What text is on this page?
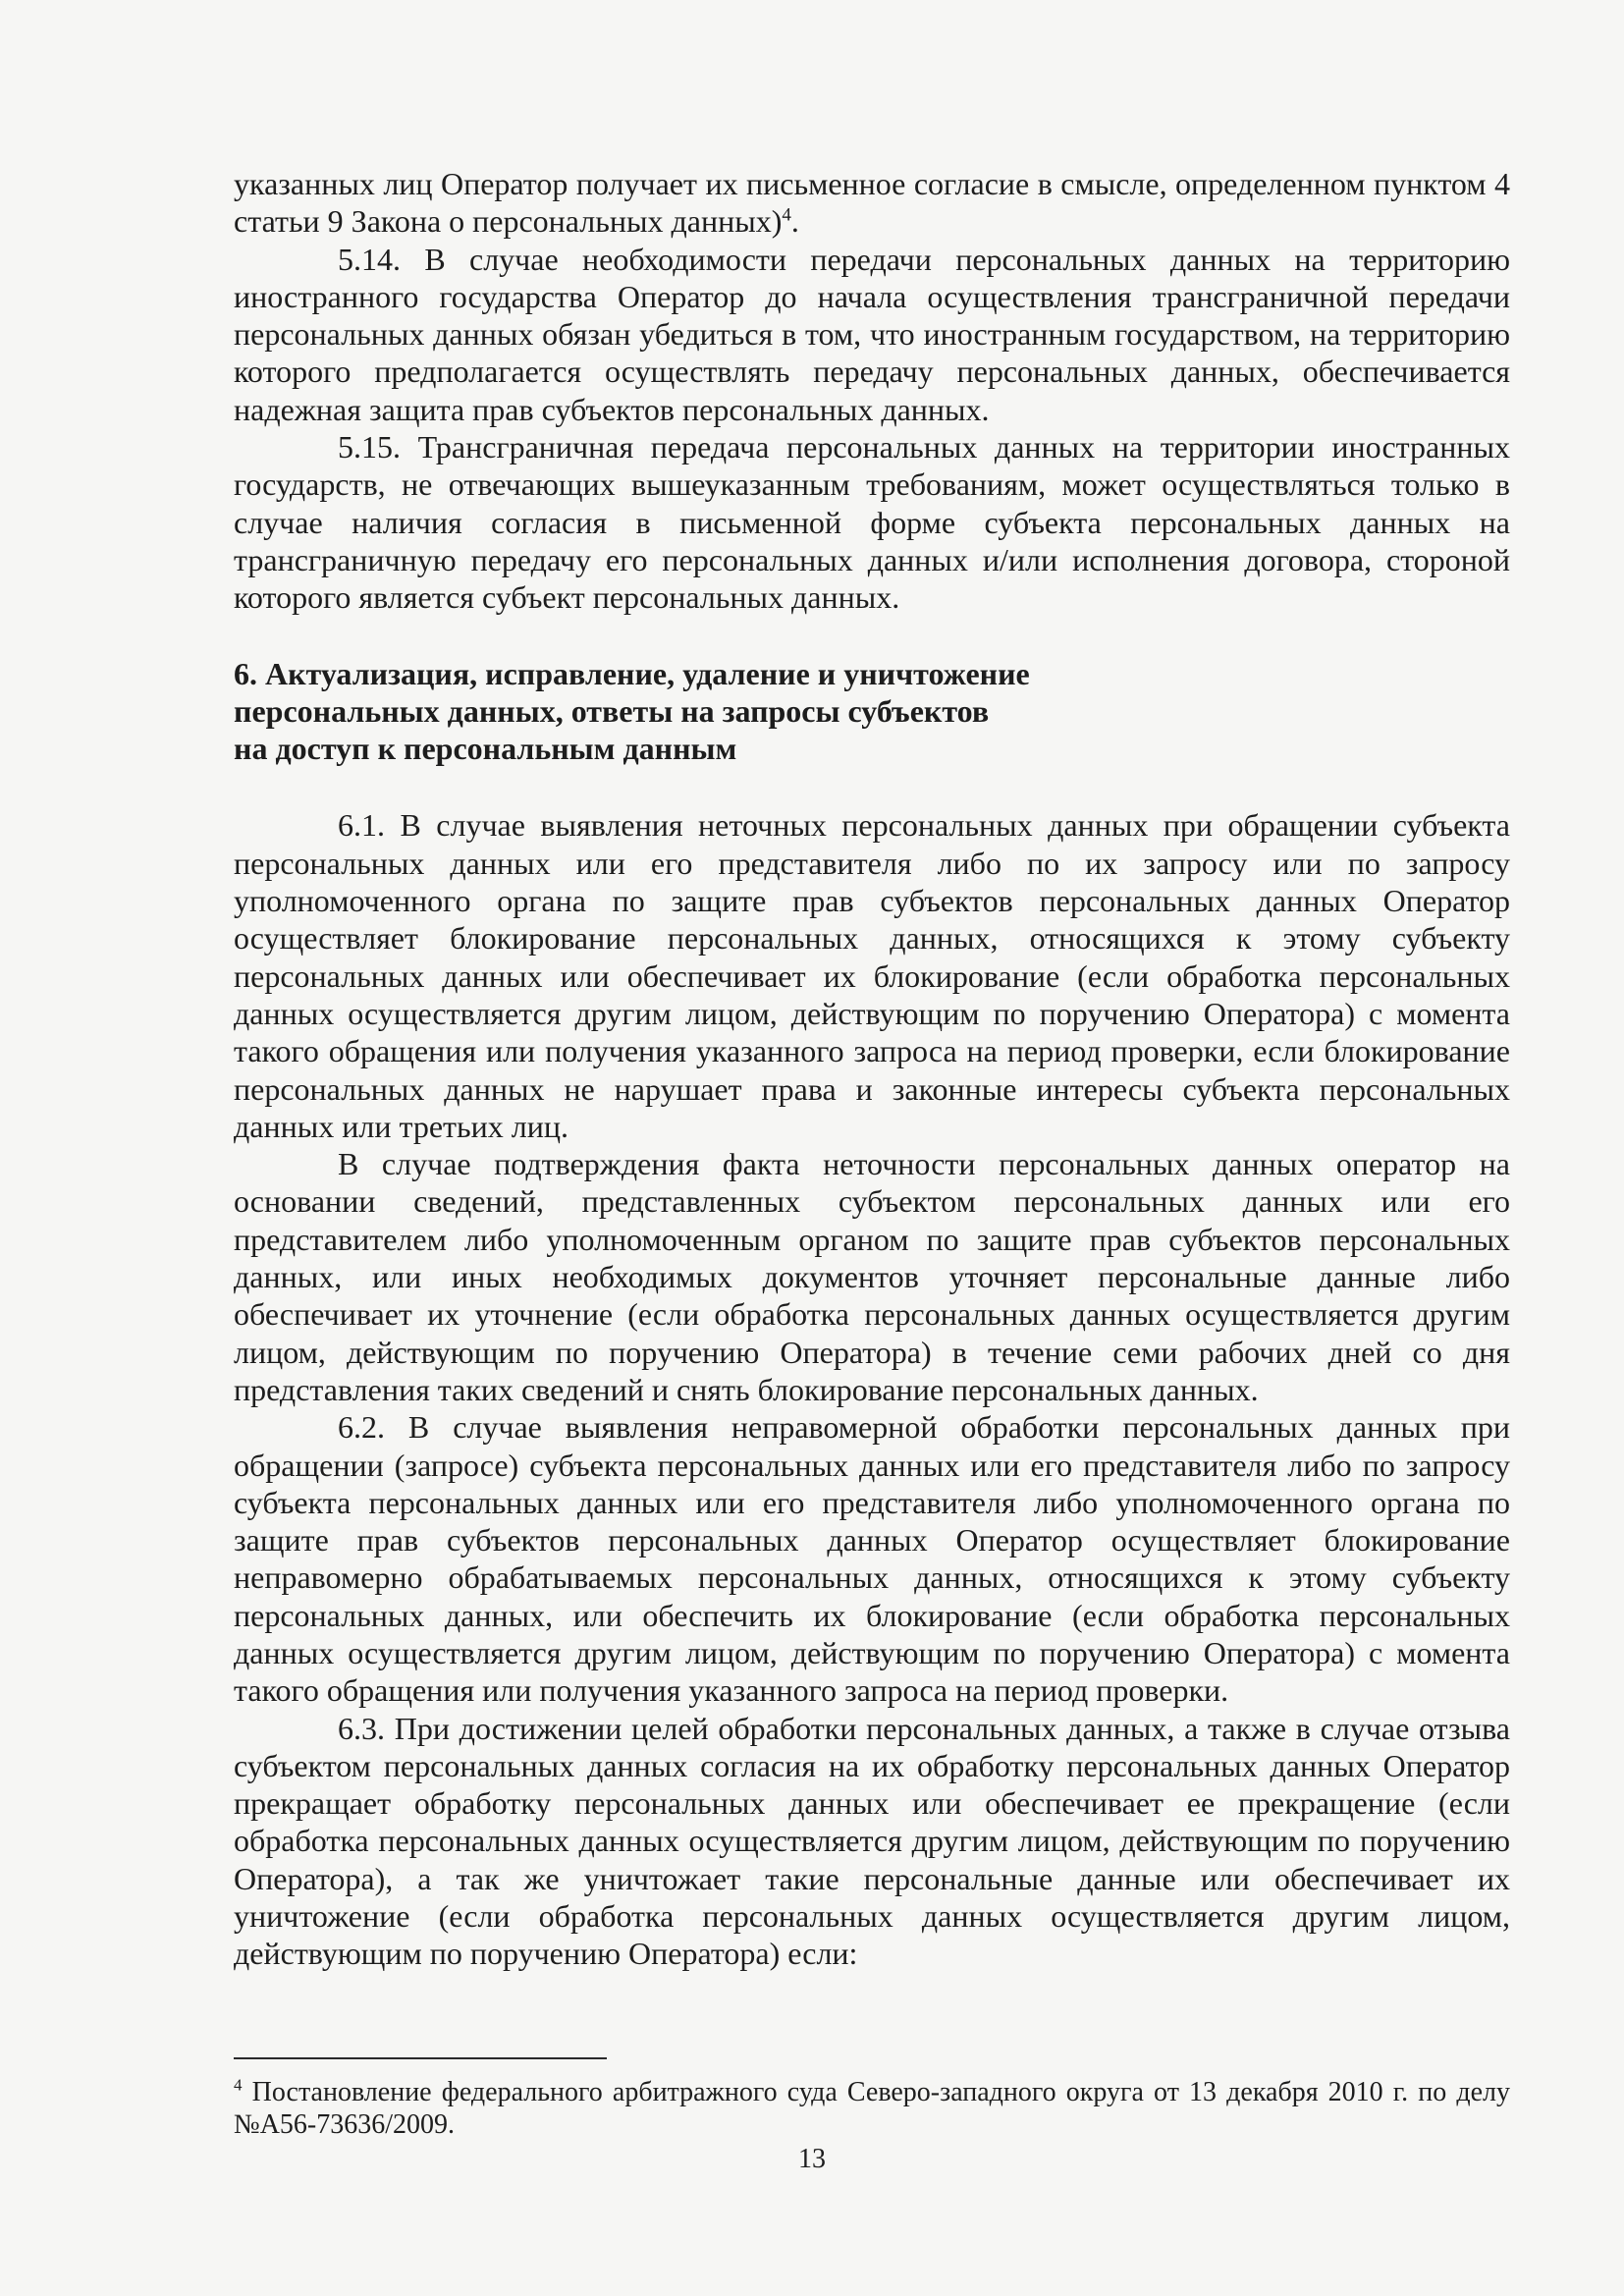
указанных лиц Оператор получает их письменное согласие в смысле, определенном пунктом 4 статьи 9 Закона о персональных данных)$^4$.

5.14. В случае необходимости передачи персональных данных на территорию иностранного государства Оператор до начала осуществления трансграничной передачи персональных данных обязан убедиться в том, что иностранным государством, на территорию которого предполагается осуществлять передачу персональных данных, обеспечивается надежная защита прав субъектов персональных данных.

5.15. Трансграничная передача персональных данных на территории иностранных государств, не отвечающих вышеуказанным требованиям, может осуществляться только в случае наличия согласия в письменной форме субъекта персональных данных на трансграничную передачу его персональных данных и/или исполнения договора, стороной которого является субъект персональных данных.

6. Актуализация, исправление, удаление и уничтожение
персональных данных, ответы на запросы субъектов
на доступ к персональным данным

6.1. В случае выявления неточных персональных данных при обращении субъекта персональных данных или его представителя либо по их запросу или по запросу уполномоченного органа по защите прав субъектов персональных данных Оператор осуществляет блокирование персональных данных, относящихся к этому субъекту персональных данных или обеспечивает их блокирование (если обработка персональных данных осуществляется другим лицом, действующим по поручению Оператора) с момента такого обращения или получения указанного запроса на период проверки, если блокирование персональных данных не нарушает права и законные интересы субъекта персональных данных или третьих лиц.

В случае подтверждения факта неточности персональных данных оператор на основании сведений, представленных субъектом персональных данных или его представителем либо уполномоченным органом по защите прав субъектов персональных данных, или иных необходимых документов уточняет персональные данные либо обеспечивает их уточнение (если обработка персональных данных осуществляется другим лицом, действующим по поручению Оператора) в течение семи рабочих дней со дня представления таких сведений и снять блокирование персональных данных.

6.2. В случае выявления неправомерной обработки персональных данных при обращении (запросе) субъекта персональных данных или его представителя либо по запросу субъекта персональных данных или его представителя либо уполномоченного органа по защите прав субъектов персональных данных Оператор осуществляет блокирование неправомерно обрабатываемых персональных данных, относящихся к этому субъекту персональных данных, или обеспечить их блокирование (если обработка персональных данных осуществляется другим лицом, действующим по поручению Оператора) с момента такого обращения или получения указанного запроса на период проверки.

6.3. При достижении целей обработки персональных данных, а также в случае отзыва субъектом персональных данных согласия на их обработку персональных данных Оператор прекращает обработку персональных данных или обеспечивает ее прекращение (если обработка персональных данных осуществляется другим лицом, действующим по поручению Оператора), а так же уничтожает такие персональные данные или обеспечивает их уничтожение (если обработка персональных данных осуществляется другим лицом, действующим по поручению Оператора) если:

$^4$ Постановление федерального арбитражного суда Северо-западного округа от 13 декабря 2010 г. по делу №А56-73636/2009.
13
